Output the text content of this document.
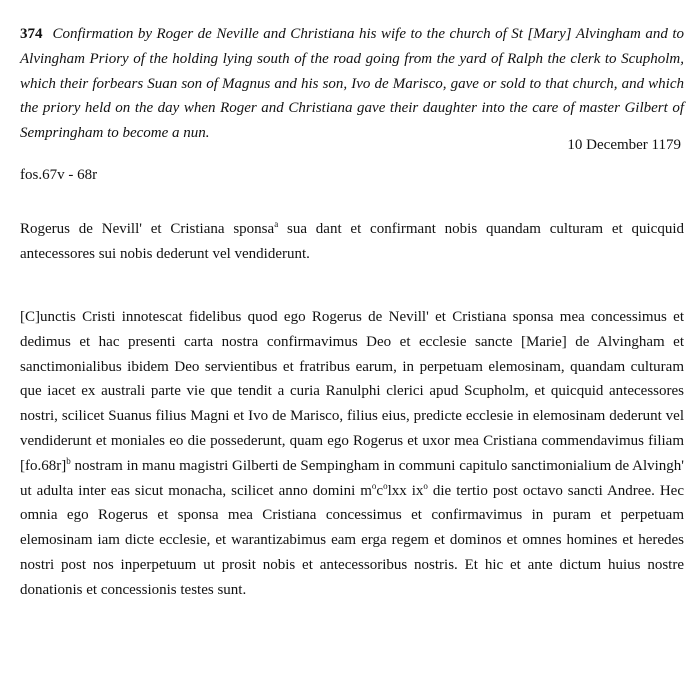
374 Confirmation by Roger de Neville and Christiana his wife to the church of St [Mary] Alvingham and to Alvingham Priory of the holding lying south of the road going from the yard of Ralph the clerk to Scupholm, which their forbears Suan son of Magnus and his son, Ivo de Marisco, gave or sold to that church, and which the priory held on the day when Roger and Christiana gave their daughter into the care of master Gilbert of Sempringham to become a nun.
10 December 1179
fos.67v - 68r
Rogerus de Nevill' et Cristiana sponsa$^a$ sua dant et confirmant nobis quandam culturam et quicquid antecessores sui nobis dederunt vel vendiderunt.
[C]unctis Cristi innotescat fidelibus quod ego Rogerus de Nevill' et Cristiana sponsa mea concessimus et dedimus et hac presenti carta nostra confirmavimus Deo et ecclesie sancte [Marie] de Alvingham et sanctimonialibus ibidem Deo servientibus et fratribus earum, in perpetuam elemosinam, quandam culturam que iacet ex australi parte vie que tendit a curia Ranulphi clerici apud Scupholm, et quicquid antecessores nostri, scilicet Suanus filius Magni et Ivo de Marisco, filius eius, predicte ecclesie in elemosinam dederunt vel vendiderunt et moniales eo die possederunt, quam ego Rogerus et uxor mea Cristiana commendavimus filiam $[fo.68r]^b$ nostram in manu magistri Gilberti de Sempingham in communi capitulo sanctimonialium de Alvingh' ut adulta inter eas sicut monacha, scilicet anno domini $m^oc^olxx$ $ix^o$ die tertio post octavo sancti Andree. Hec omnia ego Rogerus et sponsa mea Cristiana concessimus et confirmavimus in puram et perpetuam elemosinam iam dicte ecclesie, et warantizabimus eam erga regem et dominos et omnes homines et heredes nostri post nos inperpetuum ut prosit nobis et antecessoribus nostris. Et hic et ante dictum huius nostre donationis et concessionis testes sunt.
